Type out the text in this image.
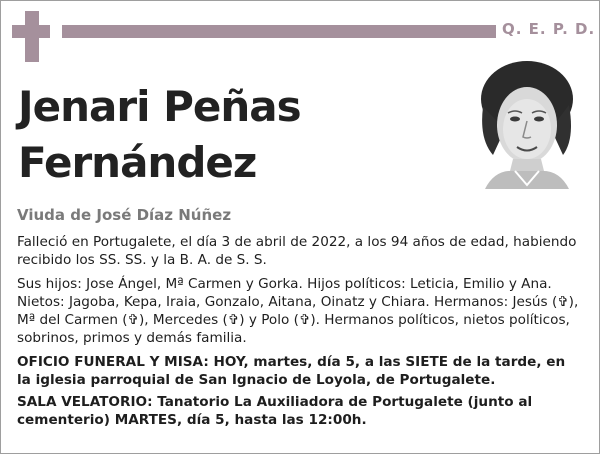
Q. E. P. D.
Jenari Peñas
Fernández
Viuda de José Díaz Núñez

Falleció en Portugalete, el día 3 de abril de 2022, a los 94 años de edad, habiendo recibido los SS. SS. y la B. A. de S. S.

Sus hijos: Jose Ángel, Mª Carmen y Gorka. Hijos políticos: Leticia, Emilio y Ana. Nietos: Jagoba, Kepa, Iraia, Gonzalo, Aitana, Oinatz y Chiara. Hermanos: Jesús (✞), Mª del Carmen (✞), Mercedes (✞) y Polo (✞). Hermanos políticos, nietos políticos, sobrinos, primos y demás familia.

OFICIO FUNERAL Y MISA: HOY, martes, día 5, a las SIETE de la tarde, en la iglesia parroquial de San Ignacio de Loyola, de Portugalete.

SALA VELATORIO: Tanatorio La Auxiliadora de Portugalete (junto al cementerio) MARTES, día 5, hasta las 12:00h.
